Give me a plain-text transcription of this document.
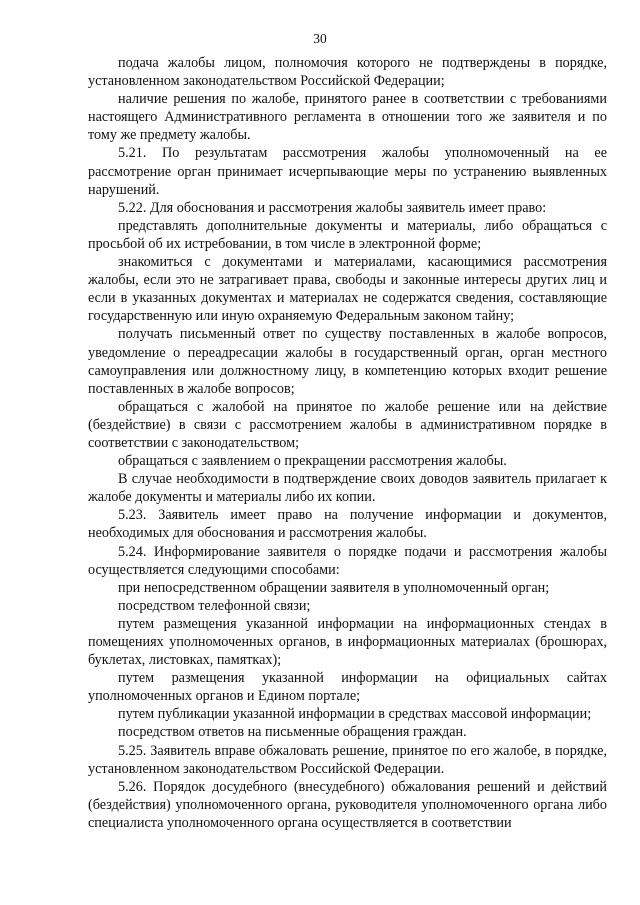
30

подача жалобы лицом, полномочия которого не подтверждены в порядке, установленном законодательством Российской Федерации;

наличие решения по жалобе, принятого ранее в соответствии с требованиями настоящего Административного регламента в отношении того же заявителя и по тому же предмету жалобы.

5.21. По результатам рассмотрения жалобы уполномоченный на ее рассмотрение орган принимает исчерпывающие меры по устранению выявленных нарушений.

5.22. Для обоснования и рассмотрения жалобы заявитель имеет право:

представлять дополнительные документы и материалы, либо обращаться с просьбой об их истребовании, в том числе в электронной форме;

знакомиться с документами и материалами, касающимися рассмотрения жалобы, если это не затрагивает права, свободы и законные интересы других лиц и если в указанных документах и материалах не содержатся сведения, составляющие государственную или иную охраняемую Федеральным законом тайну;

получать письменный ответ по существу поставленных в жалобе вопросов, уведомление о переадресации жалобы в государственный орган, орган местного самоуправления или должностному лицу, в компетенцию которых входит решение поставленных в жалобе вопросов;

обращаться с жалобой на принятое по жалобе решение или на действие (бездействие) в связи с рассмотрением жалобы в административном порядке в соответствии с законодательством;

обращаться с заявлением о прекращении рассмотрения жалобы.

В случае необходимости в подтверждение своих доводов заявитель прилагает к жалобе документы и материалы либо их копии.

5.23. Заявитель имеет право на получение информации и документов, необходимых для обоснования и рассмотрения жалобы.

5.24. Информирование заявителя о порядке подачи и рассмотрения жалобы осуществляется следующими способами:

при непосредственном обращении заявителя в уполномоченный орган;

посредством телефонной связи;

путем размещения указанной информации на информационных стендах в помещениях уполномоченных органов, в информационных материалах (брошюрах, буклетах, листовках, памятках);

путем размещения указанной информации на официальных сайтах уполномоченных органов и Едином портале;

путем публикации указанной информации в средствах массовой информации;

посредством ответов на письменные обращения граждан.

5.25. Заявитель вправе обжаловать решение, принятое по его жалобе, в порядке, установленном законодательством Российской Федерации.

5.26. Порядок досудебного (внесудебного) обжалования решений и действий (бездействия) уполномоченного органа, руководителя уполномоченного органа либо специалиста уполномоченного органа осуществляется в соответствии
